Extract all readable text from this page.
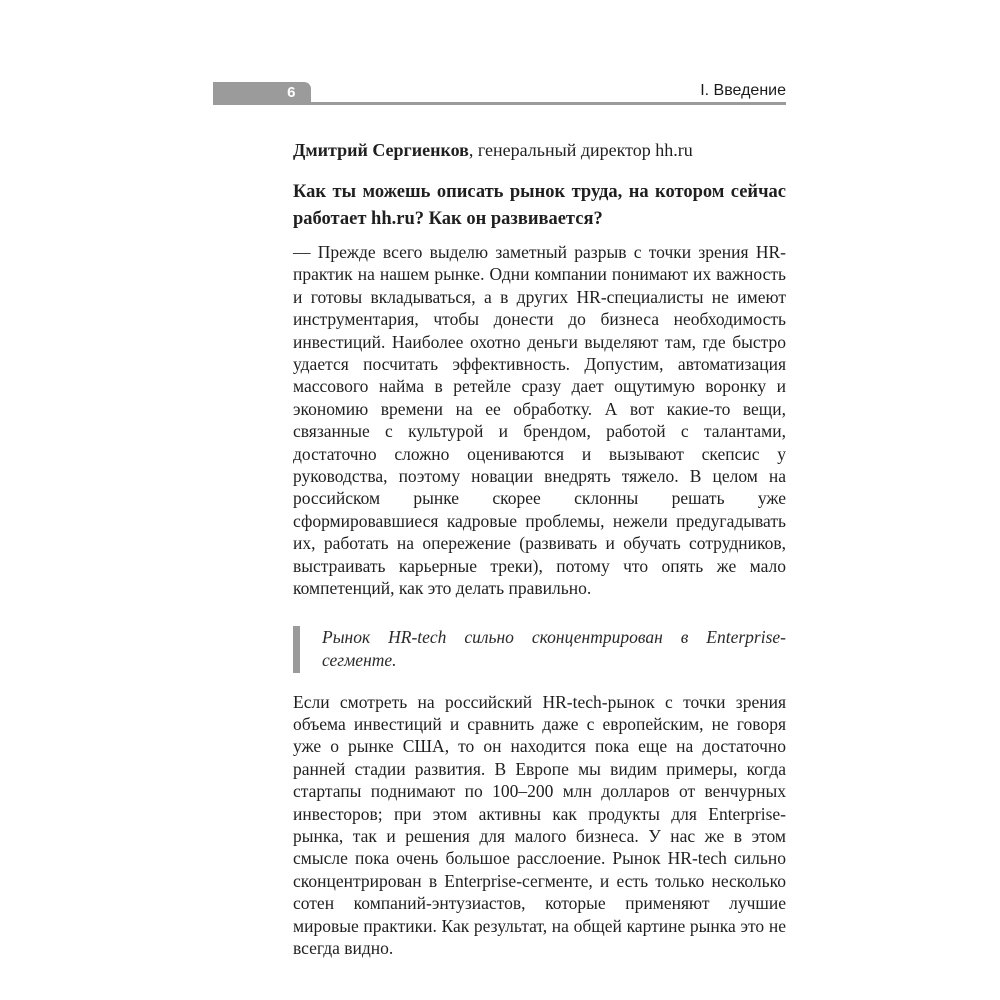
6	I. Введение
Дмитрий Сергиенков, генеральный директор hh.ru
Как ты можешь описать рынок труда, на котором сейчас работает hh.ru? Как он развивается?
— Прежде всего выделю заметный разрыв с точки зрения HR-практик на нашем рынке. Одни компании понимают их важность и готовы вкладываться, а в других HR-специалисты не имеют инструментария, чтобы донести до бизнеса необходимость инвестиций. Наиболее охотно деньги выделяют там, где быстро удается посчитать эффективность. Допустим, автоматизация массового найма в ретейле сразу дает ощутимую воронку и экономию времени на ее обработку. А вот какие-то вещи, связанные с культурой и брендом, работой с талантами, достаточно сложно оцениваются и вызывают скепсис у руководства, поэтому новации внедрять тяжело. В целом на российском рынке скорее склонны решать уже сформировавшиеся кадровые проблемы, нежели предугадывать их, работать на опережение (развивать и обучать сотрудников, выстраивать карьерные треки), потому что опять же мало компетенций, как это делать правильно.
Рынок HR-tech сильно сконцентрирован в Enterprise-сегменте.
Если смотреть на российский HR-tech-рынок с точки зрения объема инвестиций и сравнить даже с европейским, не говоря уже о рынке США, то он находится пока еще на достаточно ранней стадии развития. В Европе мы видим примеры, когда стартапы поднимают по 100–200 млн долларов от венчурных инвесторов; при этом активны как продукты для Enterprise-рынка, так и решения для малого бизнеса. У нас же в этом смысле пока очень большое расслоение. Рынок HR-tech сильно сконцентрирован в Enterprise-сегменте, и есть только несколько сотен компаний-энтузиастов, которые применяют лучшие мировые практики. Как результат, на общей картине рынка это не всегда видно.
